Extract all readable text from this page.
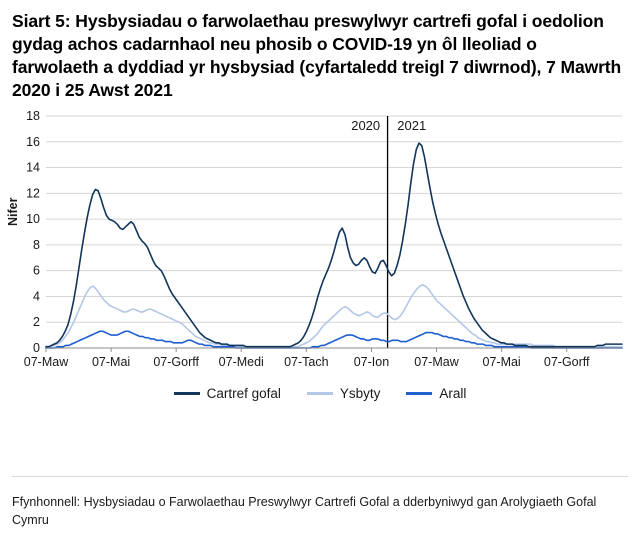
Siart 5: Hysbysiadau o farwolaethau preswylwyr cartrefi gofal i oedolion gydag achos cadarnhaol neu phosib o COVID-19 yn ôl lleoliad o farwolaeth a dyddiad yr hysbysiad (cyfartaledd treigl 7 diwrnod), 7 Mawrth 2020 i 25 Awst 2021
Nifer
0
2
4
6
8
10
12
14
16
18
07-Maw 07-Mai 07-Gorff 07-Medi 07-Tach 07-Ion 07-Maw 07-Mai 07-Gorff
2020 2021
Cartref gofal	Ysbyty	Arall
Ffynhonnell: Hysbysiadau o Farwolaethau Preswylwyr Cartrefi Gofal a dderbyniwyd gan Arolygiaeth Gofal Cymru
